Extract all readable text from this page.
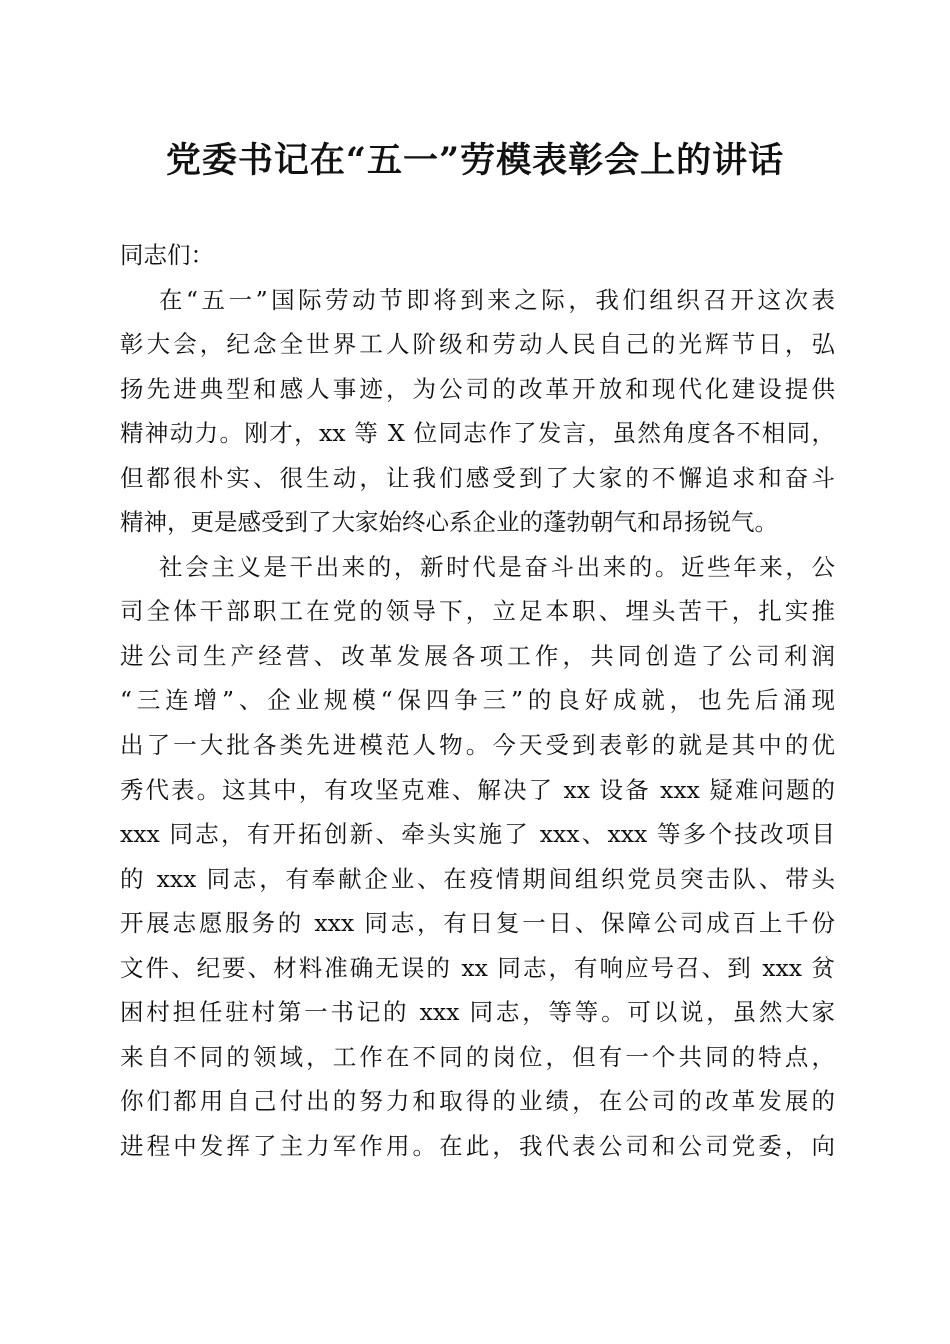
党委书记在“五一”劳模表彰会上的讲话
同志们：
在“五一”国际劳动节即将到来之际，我们组织召开这次表
彰大会，纪念全世界工人阶级和劳动人民自己的光辉节日，弘
扬先进典型和感人事迹，为公司的改革开放和现代化建设提供
精神动力。刚才，xx 等 X 位同志作了发言，虽然角度各不相同，
但都很朴实、很生动，让我们感受到了大家的不懈追求和奋斗
精神，更是感受到了大家始终心系企业的蓬勃朝气和昂扬锐气。
社会主义是干出来的，新时代是奋斗出来的。近些年来，公
司全体干部职工在党的领导下，立足本职、埋头苦干，扎实推
进公司生产经营、改革发展各项工作，共同创造了公司利润
“三连增”、企业规模“保四争三”的良好成就，也先后涌现
出了一大批各类先进模范人物。今天受到表彰的就是其中的优
秀代表。这其中，有攻坚克难、解决了 xx 设备 xxx 疑难问题的
xxx 同志，有开拓创新、牵头实施了 xxx、xxx 等多个技改项目
的 xxx 同志，有奉献企业、在疫情期间组织党员突击队、带头
开展志愿服务的 xxx 同志，有日复一日、保障公司成百上千份
文件、纪要、材料准确无误的 xx 同志，有响应号召、到 xxx 贫
困村担任驻村第一书记的 xxx 同志，等等。可以说，虽然大家
来自不同的领域，工作在不同的岗位，但有一个共同的特点，
你们都用自己付出的努力和取得的业绩，在公司的改革发展的
进程中发挥了主力军作用。在此，我代表公司和公司党委，向
